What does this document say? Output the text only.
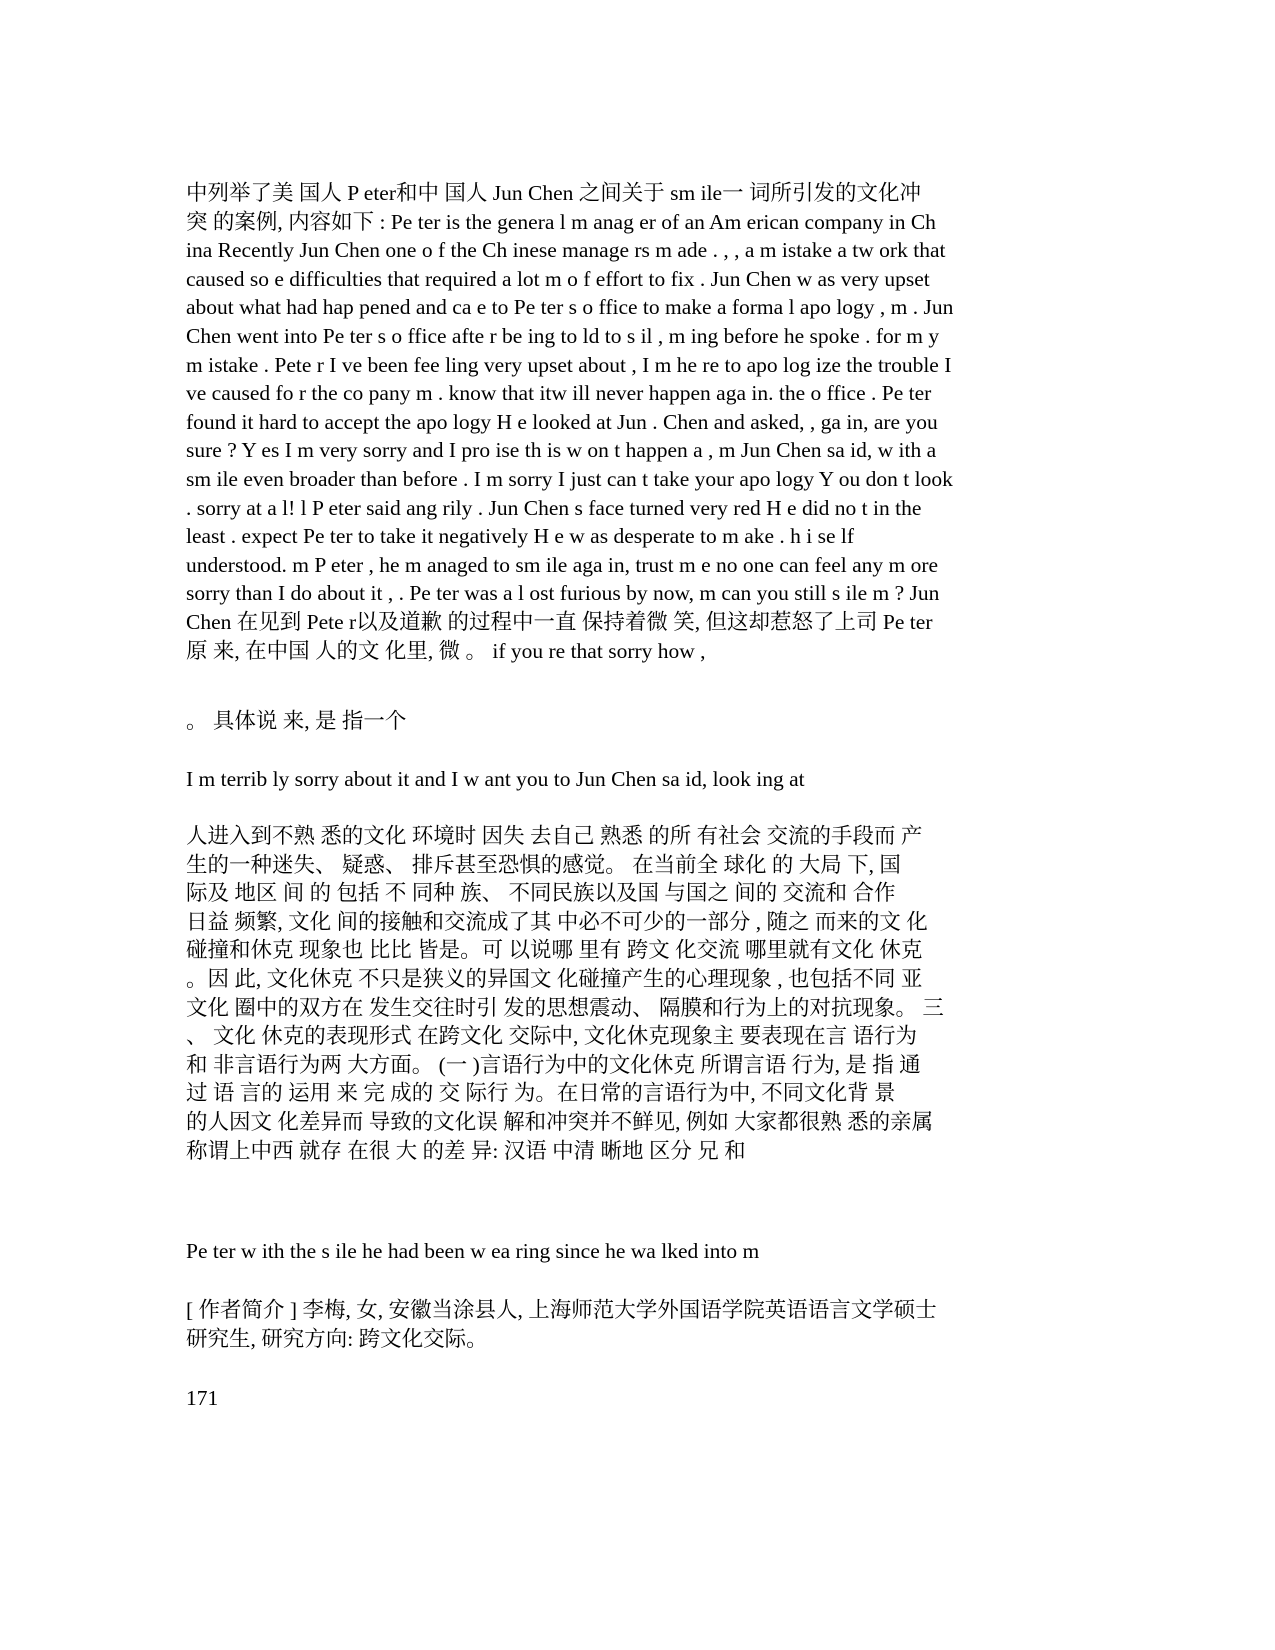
中列举了美 国人 P eter和中 国人 Jun Chen 之间关于 sm ile一 词所引发的文化冲
突 的案例, 内容如下 : Pe ter is the genera l m anag er of an Am erican company in Ch
ina Recently Jun Chen one o f the Ch inese manage rs m ade . , , a m istake a tw ork that
caused so e difficulties that required a lot m o f effort to fix . Jun Chen w as very upset
about what had hap pened and ca e to Pe ter s o ffice to make a forma l apo logy , m . Jun
Chen went into Pe ter s o ffice afte r be ing to ld to s il , m ing before he spoke . for m y
m istake . Pete r I ve been fee ling very upset about , I m he re to apo log ize the trouble I
ve caused fo r the co pany m . know that itw ill never happen aga in. the o ffice . Pe ter
found it hard to accept the apo logy H e looked at Jun . Chen and asked, , ga in, are you
sure ? Y es I m very sorry and I pro ise th is w on t happen a , m Jun Chen sa id, w ith a
sm ile even broader than before . I m sorry I just can t take your apo logy Y ou don t look
. sorry at a l! l P eter said ang rily . Jun Chen s face turned very red H e did no t in the
least . expect Pe ter to take it negatively H e w as desperate to m ake . h i se lf
understood. m P eter , he m anaged to sm ile aga in, trust m e no one can feel any m ore
sorry than I do about it , . Pe ter was a l ost furious by now, m can you still s ile m ? Jun
Chen 在见到 Pete r以及道歉 的过程中一直 保持着微 笑, 但这却惹怒了上司 Pe ter
原 来, 在中国 人的文 化里, 微 。 if you re that sorry how ,
。 具体说 来, 是 指一个
I m terrib ly sorry about it and I w ant you to Jun Chen sa id, look ing at
人进入到不熟 悉的文化 环境时 因失 去自己 熟悉 的所 有社会 交流的手段而 产
生的一种迷失、 疑惑、 排斥甚至恐惧的感觉。 在当前全 球化 的 大局 下, 国
际及 地区 间 的 包括 不 同种 族、 不同民族以及国 与国之 间的 交流和 合作
日益 频繁, 文化 间的接触和交流成了其 中必不可少的一部分 , 随之 而来的文 化
碰撞和休克 现象也 比比 皆是。可 以说哪 里有 跨文 化交流 哪里就有文化 休克
。因 此, 文化休克 不只是狭义的异国文 化碰撞产生的心理现象 , 也包括不同 亚
文化 圈中的双方在 发生交往时引 发的思想震动、 隔膜和行为上的对抗现象。 三
、 文化 休克的表现形式 在跨文化 交际中, 文化休克现象主 要表现在言 语行为
和 非言语行为两 大方面。 (一 )言语行为中的文化休克 所谓言语 行为, 是 指 通
过 语 言的 运用 来 完 成的 交 际行 为。在日常的言语行为中, 不同文化背 景
的人因文 化差异而 导致的文化误 解和冲突并不鲜见, 例如 大家都很熟 悉的亲属
称谓上中西 就存 在很 大 的差 异: 汉语 中清 晰地 区分 兄 和
Pe ter w ith the s ile he had been w ea ring since he wa lked into m
[ 作者简介 ] 李梅, 女, 安徽当涂县人, 上海师范大学外国语学院英语语言文学硕士
研究生, 研究方向: 跨文化交际。
171
